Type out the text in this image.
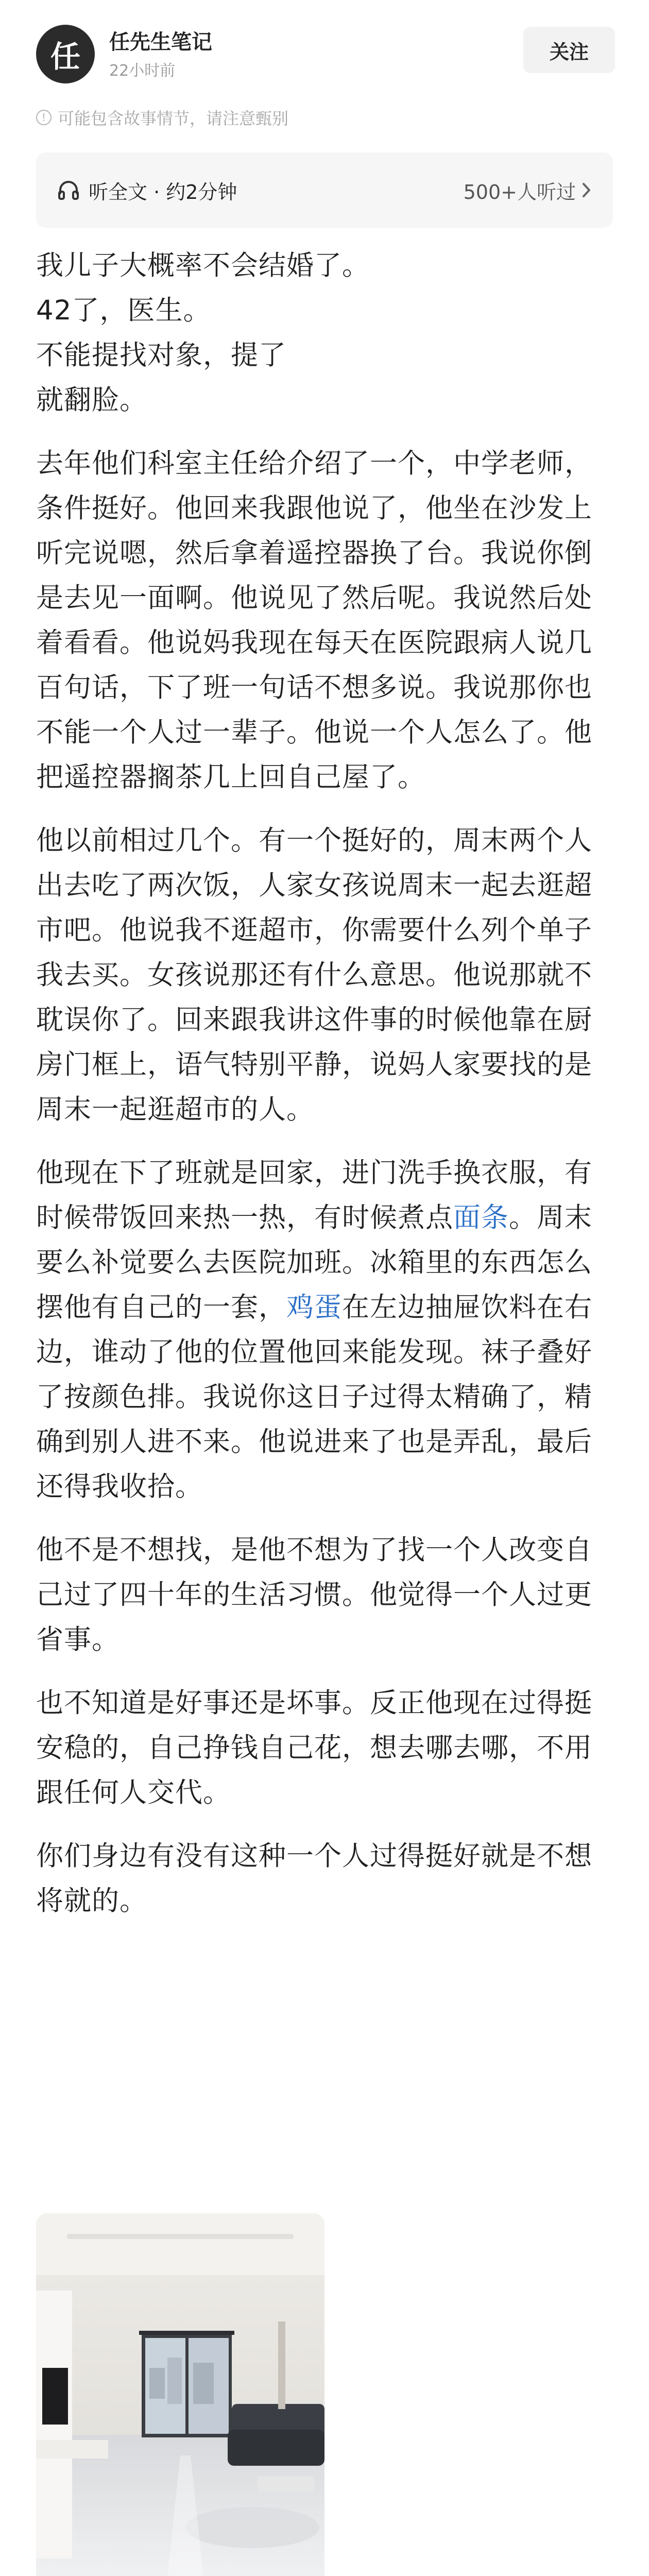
任	任先生笔记
22小时前
关注
! 可能包含故事情节，请注意甄别
听全文 · 约2分钟	500+人听过

我儿子大概率不会结婚了。
42了，医生。
不能提找对象，提了
就翻脸。

去年他们科室主任给介绍了一个，中学老师，条件挺好。他回来我跟他说了，他坐在沙发上听完说嗯，然后拿着遥控器换了台。我说你倒是去见一面啊。他说见了然后呢。我说然后处着看看。他说妈我现在每天在医院跟病人说几百句话，下了班一句话不想多说。我说那你也不能一个人过一辈子。他说一个人怎么了。他把遥控器搁茶几上回自己屋了。

他以前相过几个。有一个挺好的，周末两个人出去吃了两次饭，人家女孩说周末一起去逛超市吧。他说我不逛超市，你需要什么列个单子我去买。女孩说那还有什么意思。他说那就不耽误你了。回来跟我讲这件事的时候他靠在厨房门框上，语气特别平静，说妈人家要找的是周末一起逛超市的人。

他现在下了班就是回家，进门洗手换衣服，有时候带饭回来热一热，有时候煮点面条。周末要么补觉要么去医院加班。冰箱里的东西怎么摆他有自己的一套，鸡蛋在左边抽屉饮料在右边，谁动了他的位置他回来能发现。袜子叠好了按颜色排。我说你这日子过得太精确了，精确到别人进不来。他说进来了也是弄乱，最后还得我收拾。

他不是不想找，是他不想为了找一个人改变自己过了四十年的生活习惯。他觉得一个人过更省事。

也不知道是好事还是坏事。反正他现在过得挺安稳的，自己挣钱自己花，想去哪去哪，不用跟任何人交代。

你们身边有没有这种一个人过得挺好就是不想将就的。
